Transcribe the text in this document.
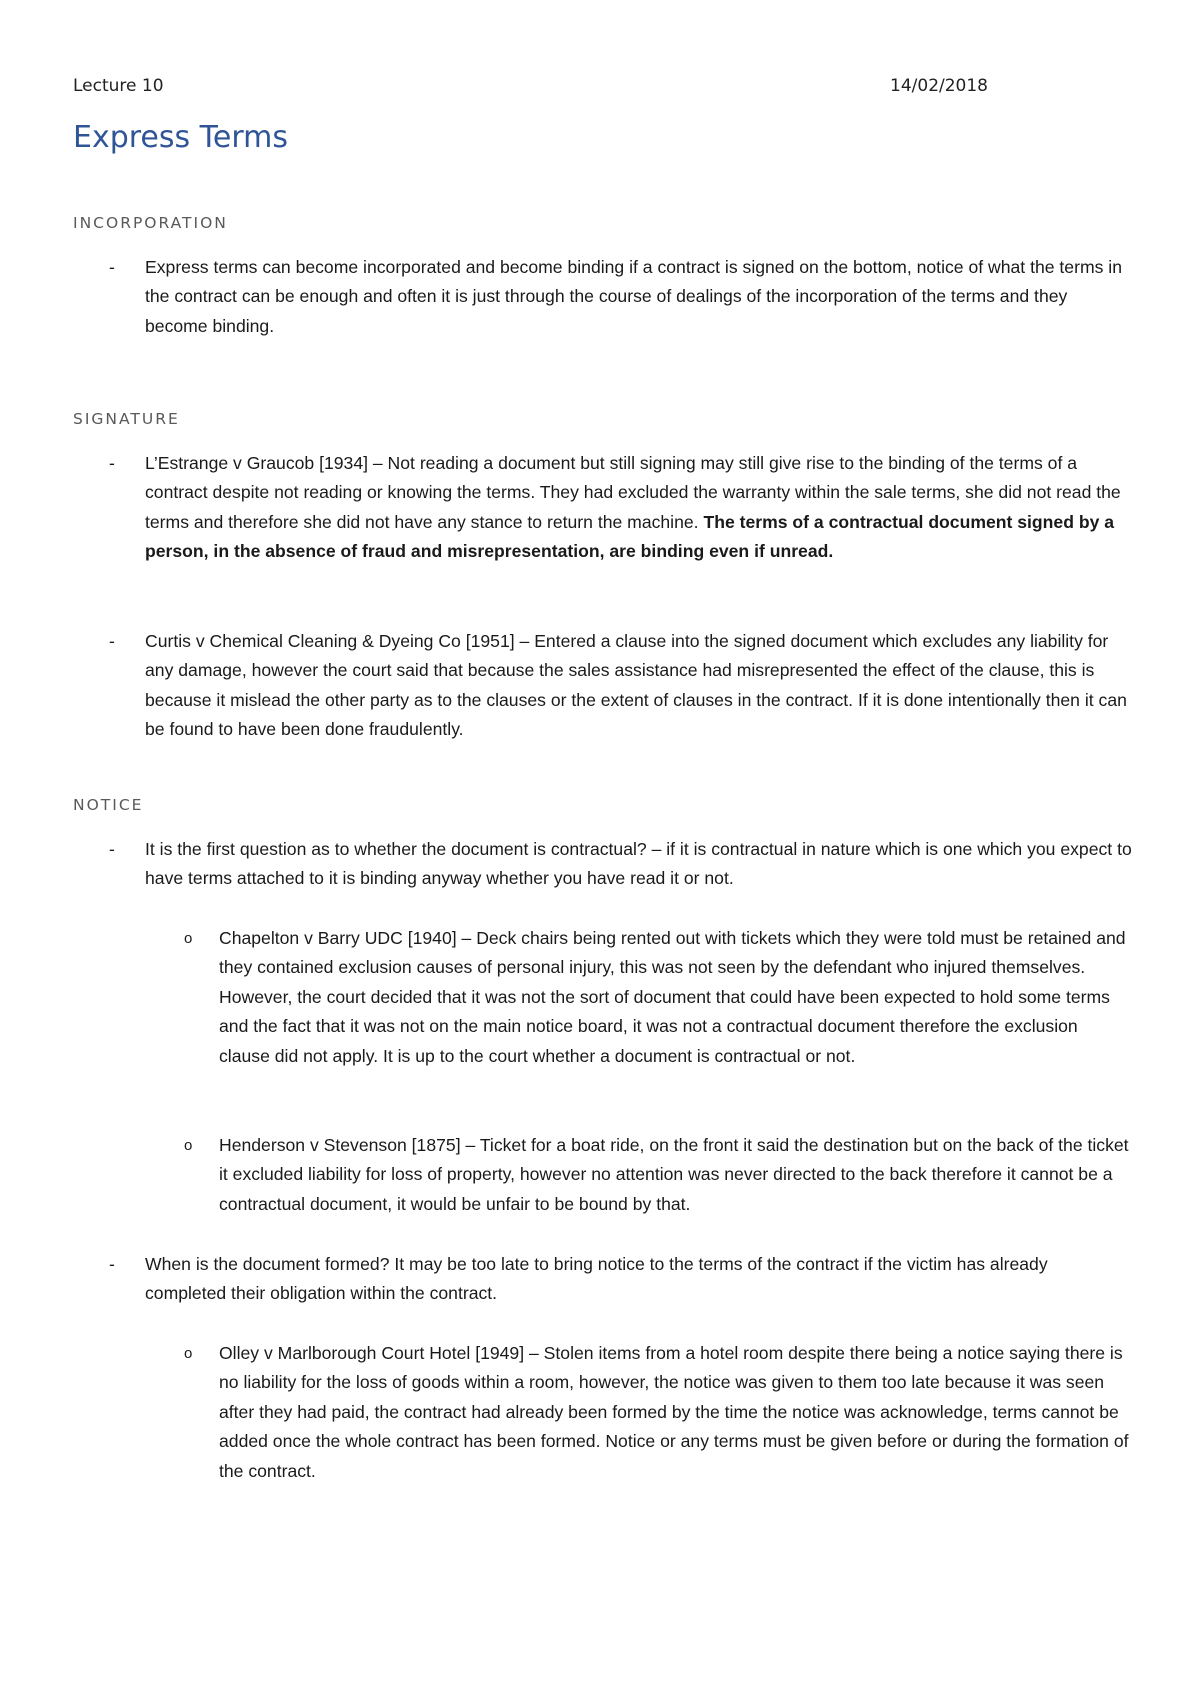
Lecture 10	14/02/2018
Express Terms
INCORPORATION
- Express terms can become incorporated and become binding if a contract is signed on the bottom, notice of what the terms in the contract can be enough and often it is just through the course of dealings of the incorporation of the terms and they become binding.
SIGNATURE
- L’Estrange v Graucob [1934] – Not reading a document but still signing may still give rise to the binding of the terms of a contract despite not reading or knowing the terms. They had excluded the warranty within the sale terms, she did not read the terms and therefore she did not have any stance to return the machine. The terms of a contractual document signed by a person, in the absence of fraud and misrepresentation, are binding even if unread.
- Curtis v Chemical Cleaning & Dyeing Co [1951] – Entered a clause into the signed document which excludes any liability for any damage, however the court said that because the sales assistance had misrepresented the effect of the clause, this is because it mislead the other party as to the clauses or the extent of clauses in the contract. If it is done intentionally then it can be found to have been done fraudulently.
NOTICE
- It is the first question as to whether the document is contractual? – if it is contractual in nature which is one which you expect to have terms attached to it is binding anyway whether you have read it or not.
o Chapelton v Barry UDC [1940] – Deck chairs being rented out with tickets which they were told must be retained and they contained exclusion causes of personal injury, this was not seen by the defendant who injured themselves. However, the court decided that it was not the sort of document that could have been expected to hold some terms and the fact that it was not on the main notice board, it was not a contractual document therefore the exclusion clause did not apply. It is up to the court whether a document is contractual or not.
o Henderson v Stevenson [1875] – Ticket for a boat ride, on the front it said the destination but on the back of the ticket it excluded liability for loss of property, however no attention was never directed to the back therefore it cannot be a contractual document, it would be unfair to be bound by that.
- When is the document formed? It may be too late to bring notice to the terms of the contract if the victim has already completed their obligation within the contract.
o Olley v Marlborough Court Hotel [1949] – Stolen items from a hotel room despite there being a notice saying there is no liability for the loss of goods within a room, however, the notice was given to them too late because it was seen after they had paid, the contract had already been formed by the time the notice was acknowledge, terms cannot be added once the whole contract has been formed. Notice or any terms must be given before or during the formation of the contract.
